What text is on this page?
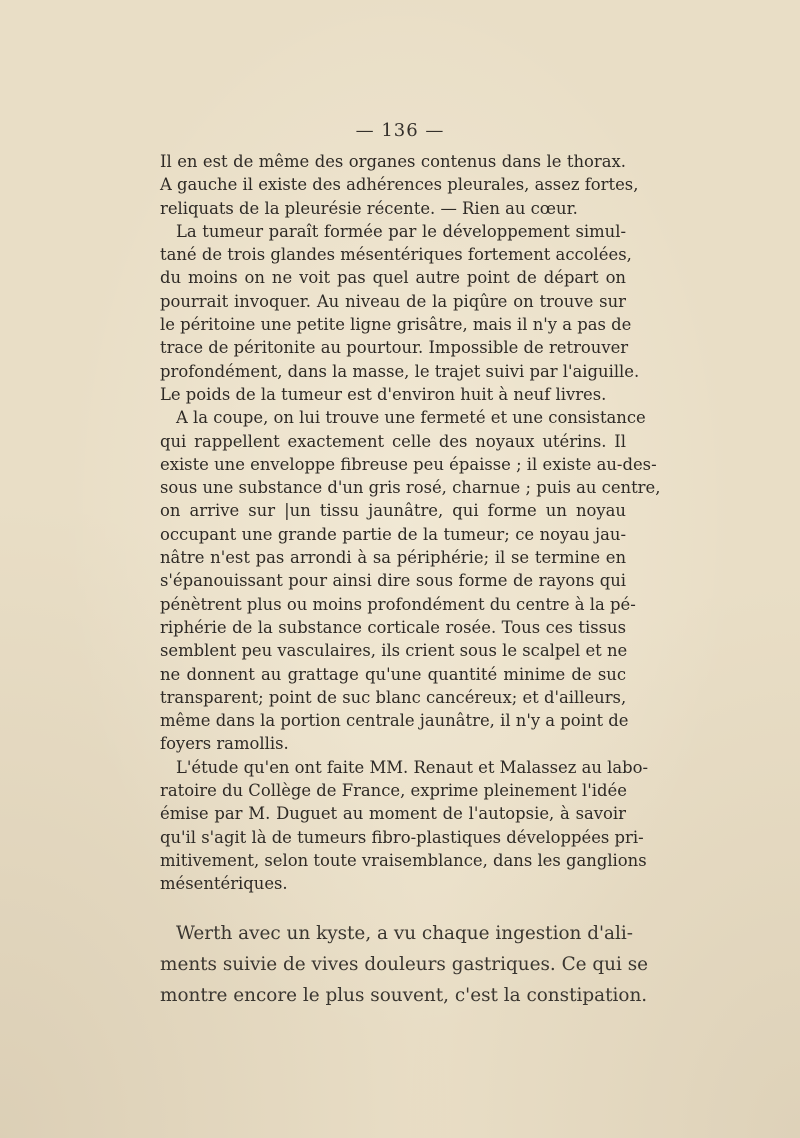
— 136 —

Il en est de même des organes contenus dans le thorax.
A gauche il existe des adhérences pleurales, assez fortes,
reliquats de la pleurésie récente. — Rien au cœur.

La tumeur paraît formée par le développement simul-
tané de trois glandes mésentériques fortement accolées,
du moins on ne voit pas quel autre point de départ on
pourrait invoquer. Au niveau de la piqûre on trouve sur
le péritoine une petite ligne grisâtre, mais il n'y a pas de
trace de péritonite au pourtour. Impossible de retrouver
profondément, dans la masse, le trajet suivi par l'aiguille.
Le poids de la tumeur est d'environ huit à neuf livres.

A la coupe, on lui trouve une fermeté et une consistance
qui rappellent exactement celle des noyaux utérins. Il
existe une enveloppe fibreuse peu épaisse ; il existe au-des-
sous une substance d'un gris rosé, charnue ; puis au centre,
on arrive sur |un tissu jaunâtre, qui forme un noyau
occupant une grande partie de la tumeur; ce noyau jau-
nâtre n'est pas arrondi à sa périphérie; il se termine en
s'épanouissant pour ainsi dire sous forme de rayons qui
pénètrent plus ou moins profondément du centre à la pé-
riphérie de la substance corticale rosée. Tous ces tissus
semblent peu vasculaires, ils crient sous le scalpel et ne
ne donnent au grattage qu'une quantité minime de suc
transparent; point de suc blanc cancéreux; et d'ailleurs,
même dans la portion centrale jaunâtre, il n'y a point de
foyers ramollis.

L'étude qu'en ont faite MM. Renaut et Malassez au labo-
ratoire du Collège de France, exprime pleinement l'idée
émise par M. Duguet au moment de l'autopsie, à savoir
qu'il s'agit là de tumeurs fibro-plastiques développées pri-
mitivement, selon toute vraisemblance, dans les ganglions
mésentériques.

Werth avec un kyste, a vu chaque ingestion d'ali-
ments suivie de vives douleurs gastriques. Ce qui se
montre encore le plus souvent, c'est la constipation.
